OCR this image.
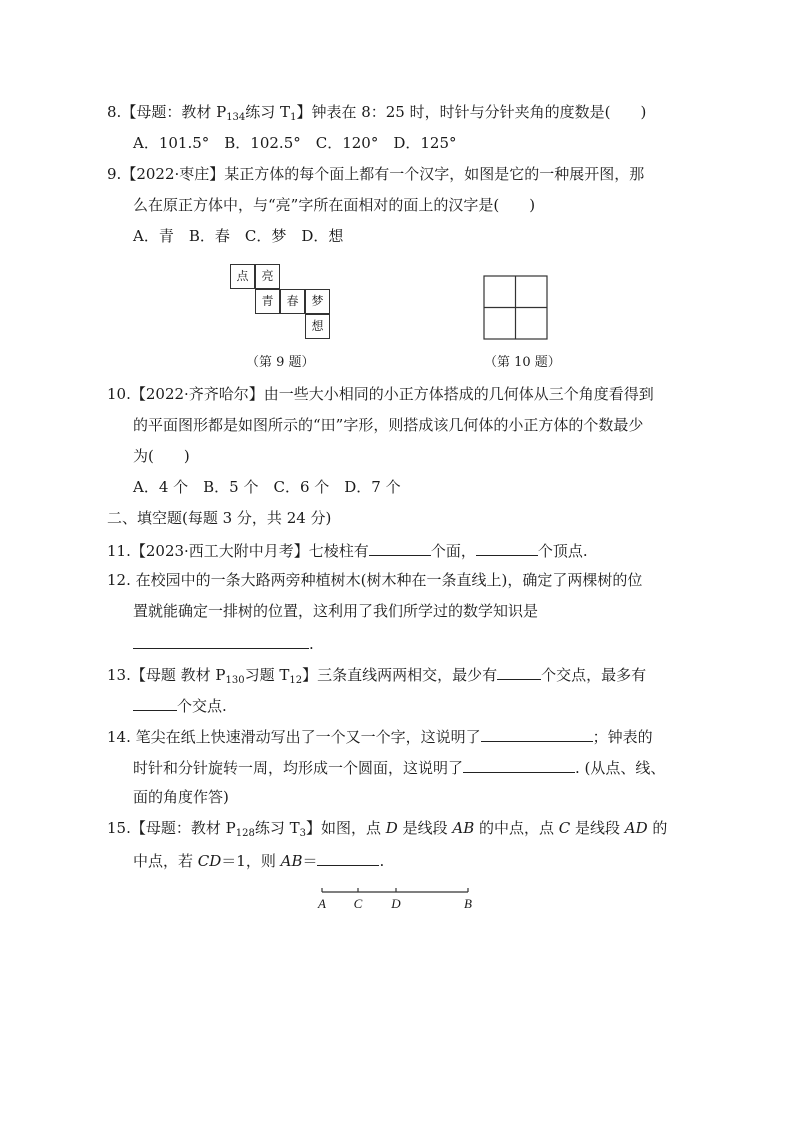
8.【母题：教材 $P_{134}$练习 $T_1$】钟表在 8：25 时，时针与分针夹角的度数是(　　)
A．101.5°　B．102.5°　C．120°　D．125°
9.【2022·枣庄】某正方体的每个面上都有一个汉字，如图是它的一种展开图，那
么在原正方体中，与“亮”字所在面相对的面上的汉字是(　　)
A．青　B．春　C．梦　D．想
点	亮
青	春	梦
想
（第 9 题）	（第 10 题）
10.【2022·齐齐哈尔】由一些大小相同的小正方体搭成的几何体从三个角度看得到
的平面图形都是如图所示的“田”字形，则搭成该几何体的小正方体的个数最少
为(　　)
A．4 个　B．5 个　C．6 个　D．7 个
二、填空题(每题 3 分，共 24 分)
11.【2023·西工大附中月考】七棱柱有	个面，	个顶点.
12. 在校园中的一条大路两旁种植树木(树木种在一条直线上)，确定了两棵树的位
置就能确定一排树的位置，这利用了我们所学过的数学知识是
.
13.【母题 教材 $P_{130}$习题 $T_{12}$】三条直线两两相交，最少有	个交点，最多有
个交点.
14. 笔尖在纸上快速滑动写出了一个又一个字，这说明了	；钟表的
时针和分针旋转一周，均形成一个圆面，这说明了	. (从点、线、
面的角度作答)
15.【母题：教材 $P_{128}$练习 $T_3$】如图，点 D 是线段 AB 的中点，点 C 是线段 AD 的
中点，若 CD＝1，则 AB＝	.
A C D	B
